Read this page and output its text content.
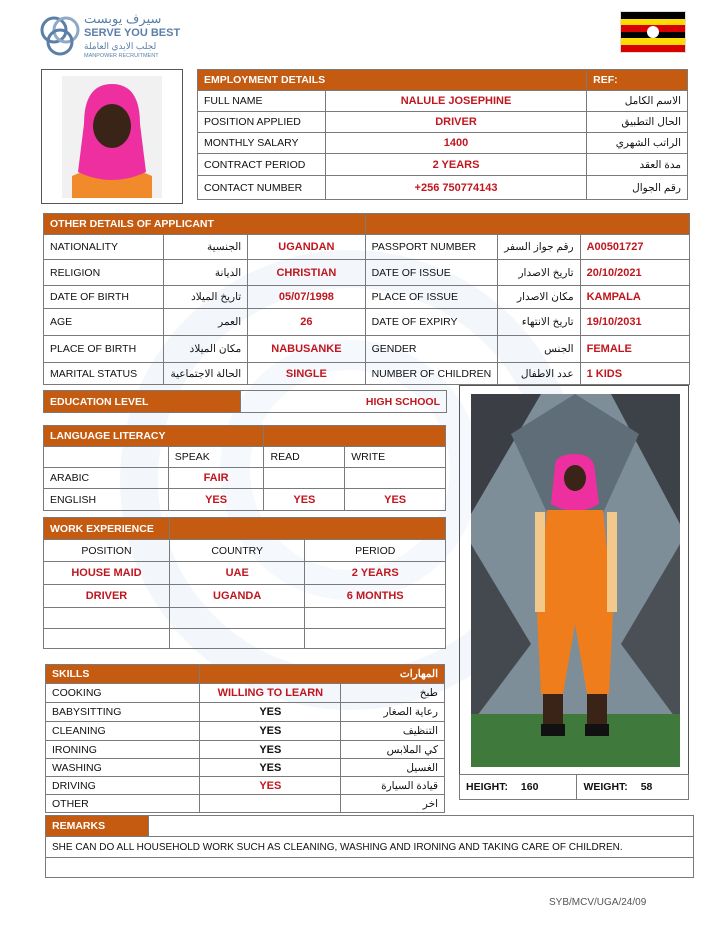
سيرف يوبست
SERVE YOU BEST
لجلب الايدي العاملة
MANPOWER RECRUITMENT
EMPLOYMENT DETAILS		REF:
FULL NAME	NALULE JOSEPHINE	الاسم الكامل
POSITION APPLIED	DRIVER	الحال التطبيق
MONTHLY SALARY	1400	الراتب الشهري
CONTRACT PERIOD	2 YEARS	مدة العقد
CONTACT NUMBER	+256 750774143	رقم الجوال
OTHER DETAILS OF APPLICANT					
NATIONALITY	الجنسية	UGANDAN	PASSPORT NUMBER	رقم جواز السفر	A00501727
RELIGION	الديانة	CHRISTIAN	DATE OF ISSUE	تاريخ الاصدار	20/10/2021
DATE OF BIRTH	تاريخ الميلاد	05/07/1998	PLACE OF ISSUE	مكان الاصدار	KAMPALA
AGE	العمر	26	DATE OF EXPIRY	تاريخ الانتهاء	19/10/2031
PLACE OF BIRTH	مكان الميلاد	NABUSANKE	GENDER	الجنس	FEMALE
MARITAL STATUS	الحالة الاجتماعية	SINGLE	NUMBER OF CHILDREN	عدد الاطفال	1 KIDS
EDUCATION LEVEL	HIGH SCHOOL
LANGUAGE LITERACY			
	SPEAK	READ	WRITE
ARABIC	FAIR		
ENGLISH	YES	YES	YES
WORK EXPERIENCE		
POSITION	COUNTRY	PERIOD
HOUSE MAID	UAE	2 YEARS
DRIVER	UGANDA	6 MONTHS

SKILLS	المهارات	
COOKING	WILLING TO LEARN	طبخ
BABYSITTING	YES	رعاية الصغار
CLEANING	YES	التنظيف
IRONING	YES	كي الملابس
WASHING	YES	الغسيل
DRIVING	YES	قيادة السيارة
OTHER		اخر
HEIGHT: 160	WEIGHT: 58
REMARKS	
SHE CAN DO ALL HOUSEHOLD WORK SUCH AS CLEANING, WASHING AND IRONING AND TAKING CARE OF CHILDREN.

SYB/MCV/UGA/24/09
